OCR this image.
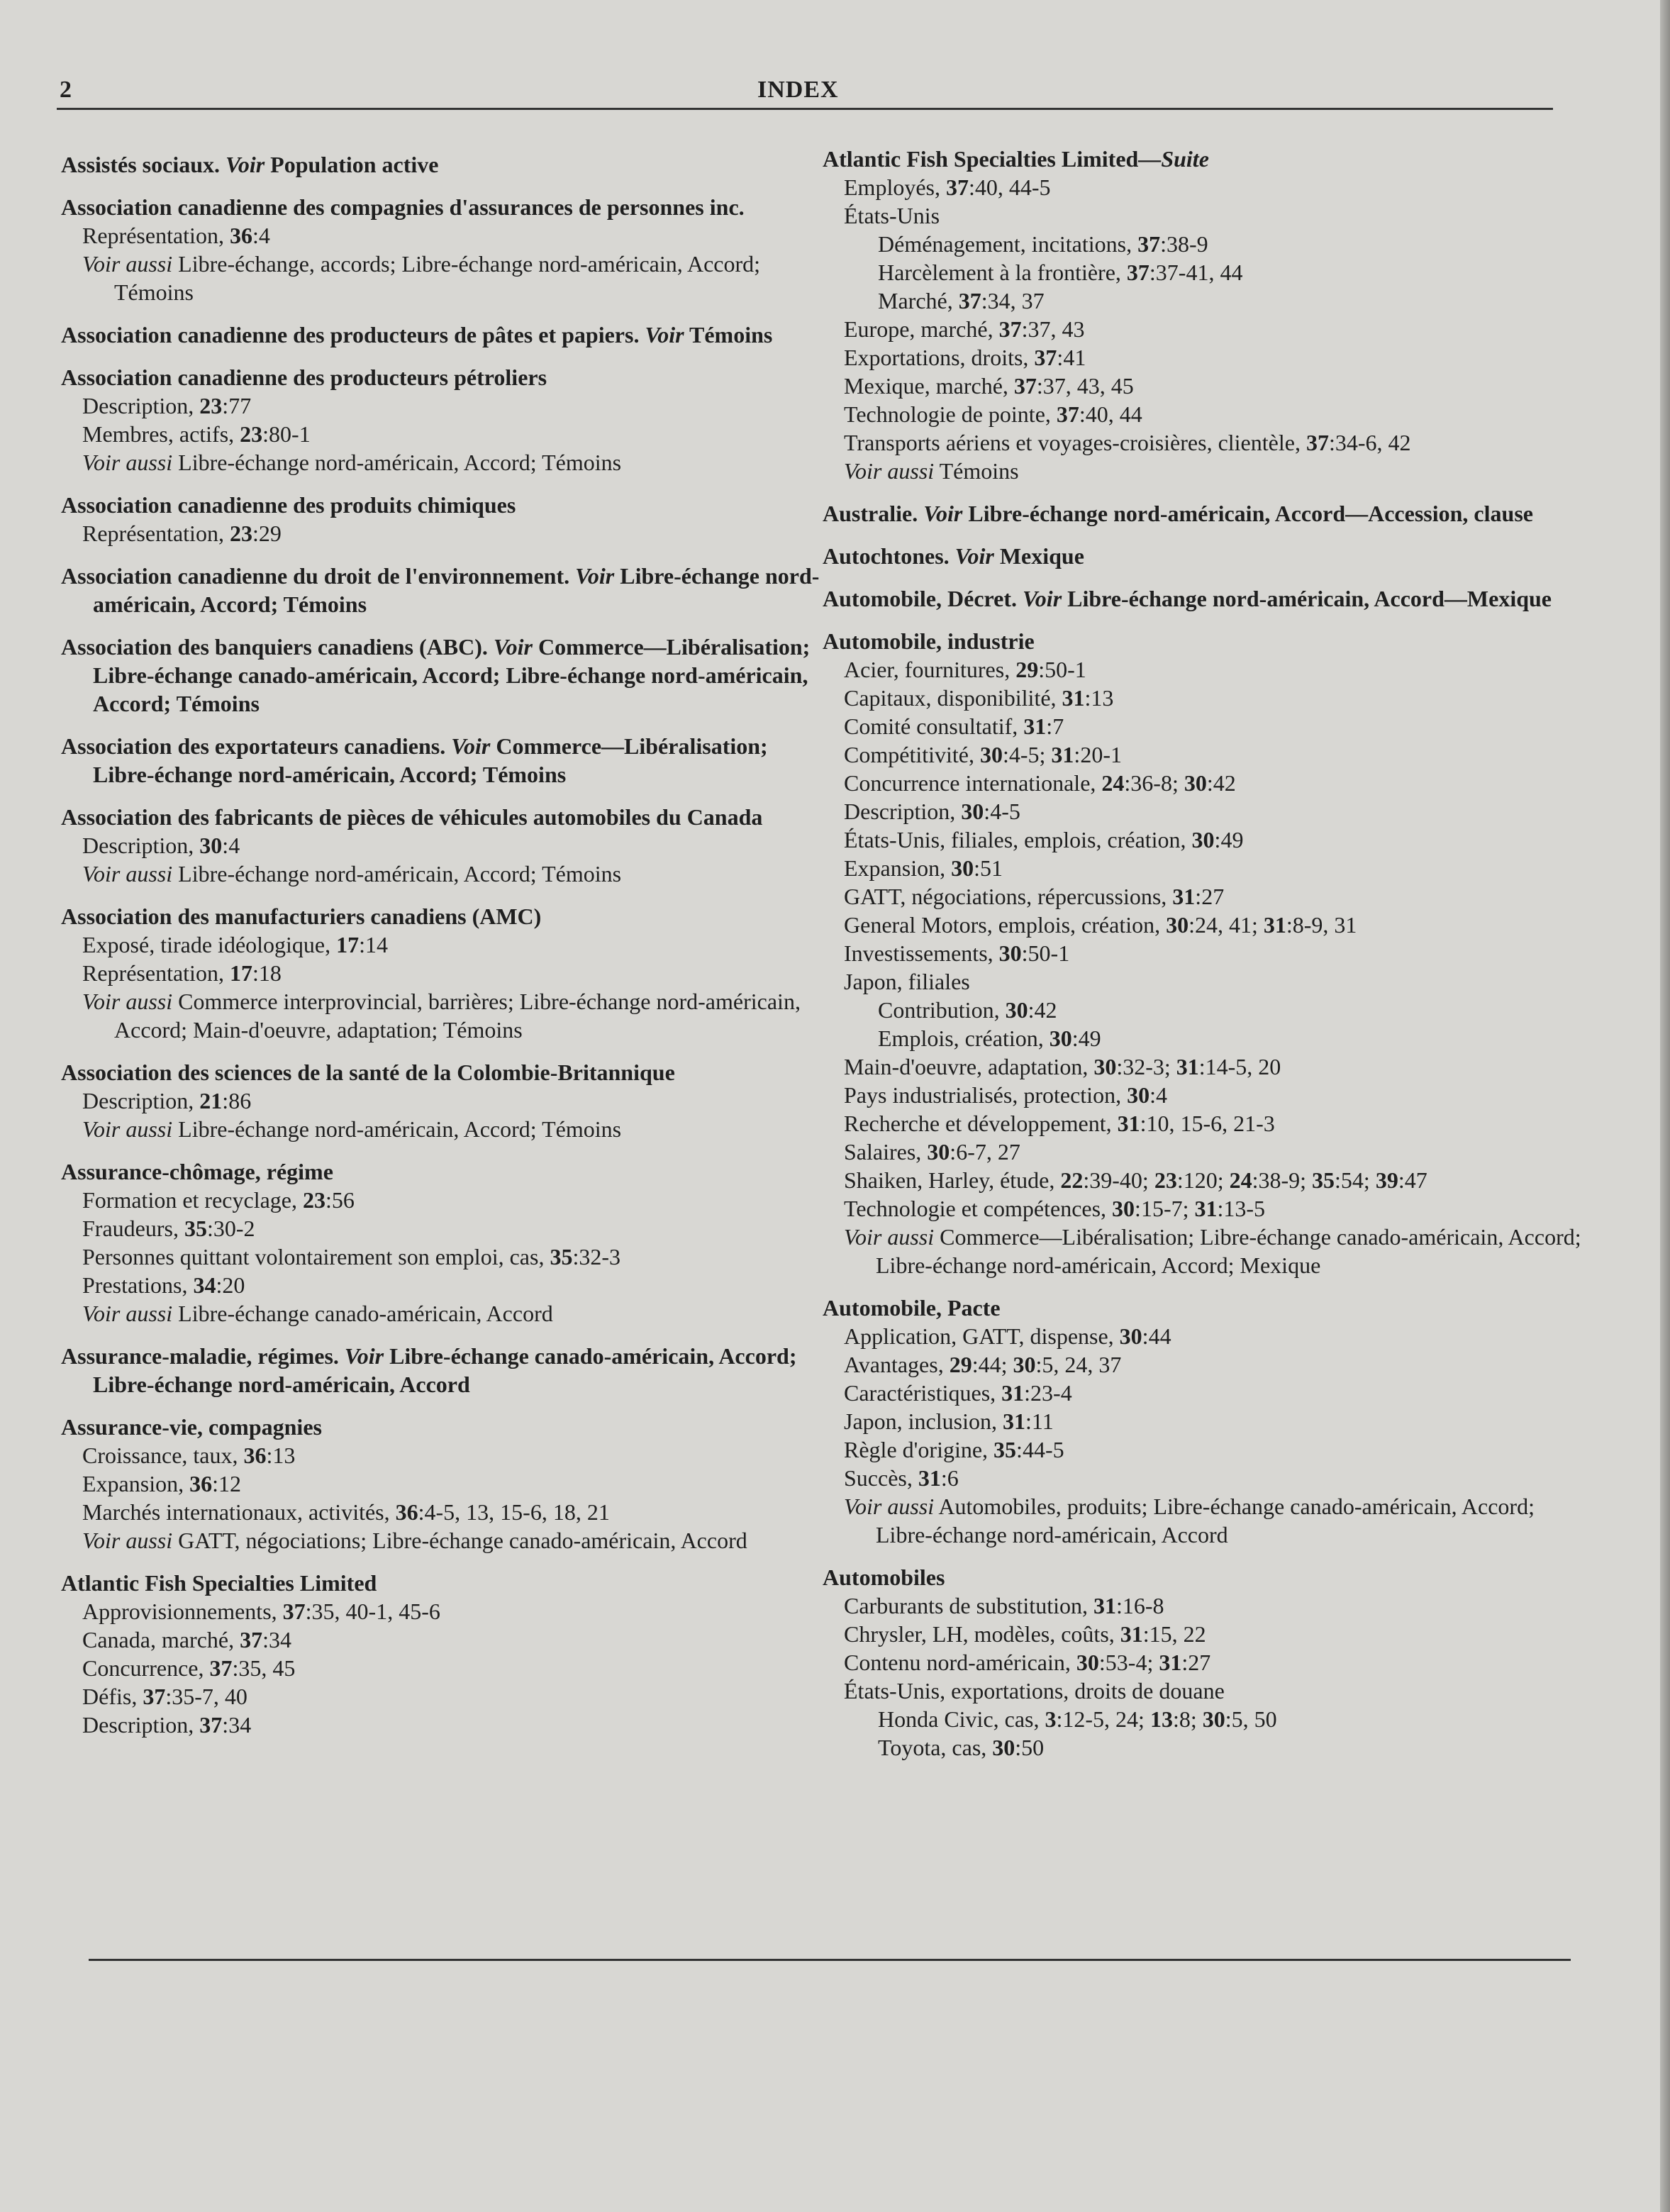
2	INDEX
Assistés sociaux. Voir Population active
Association canadienne des compagnies d'assurances de personnes inc.
Représentation, 36:4
Voir aussi Libre-échange, accords; Libre-échange nord-américain, Accord; Témoins
Association canadienne des producteurs de pâtes et papiers. Voir Témoins
Association canadienne des producteurs pétroliers
Description, 23:77
Membres, actifs, 23:80-1
Voir aussi Libre-échange nord-américain, Accord; Témoins
Association canadienne des produits chimiques
Représentation, 23:29
Association canadienne du droit de l'environnement. Voir Libre-échange nord-américain, Accord; Témoins
Association des banquiers canadiens (ABC). Voir Commerce—Libéralisation; Libre-échange canado-américain, Accord; Libre-échange nord-américain, Accord; Témoins
Association des exportateurs canadiens. Voir Commerce—Libéralisation; Libre-échange nord-américain, Accord; Témoins
Association des fabricants de pièces de véhicules automobiles du Canada
Description, 30:4
Voir aussi Libre-échange nord-américain, Accord; Témoins
Association des manufacturiers canadiens (AMC)
Exposé, tirade idéologique, 17:14
Représentation, 17:18
Voir aussi Commerce interprovincial, barrières; Libre-échange nord-américain, Accord; Main-d'oeuvre, adaptation; Témoins
Association des sciences de la santé de la Colombie-Britannique
Description, 21:86
Voir aussi Libre-échange nord-américain, Accord; Témoins
Assurance-chômage, régime
Formation et recyclage, 23:56
Fraudeurs, 35:30-2
Personnes quittant volontairement son emploi, cas, 35:32-3
Prestations, 34:20
Voir aussi Libre-échange canado-américain, Accord
Assurance-maladie, régimes. Voir Libre-échange canado-américain, Accord; Libre-échange nord-américain, Accord
Assurance-vie, compagnies
Croissance, taux, 36:13
Expansion, 36:12
Marchés internationaux, activités, 36:4-5, 13, 15-6, 18, 21
Voir aussi GATT, négociations; Libre-échange canado-américain, Accord
Atlantic Fish Specialties Limited
Approvisionnements, 37:35, 40-1, 45-6
Canada, marché, 37:34
Concurrence, 37:35, 45
Défis, 37:35-7, 40
Description, 37:34
Atlantic Fish Specialties Limited—Suite
Employés, 37:40, 44-5
États-Unis
Déménagement, incitations, 37:38-9
Harcèlement à la frontière, 37:37-41, 44
Marché, 37:34, 37
Europe, marché, 37:37, 43
Exportations, droits, 37:41
Mexique, marché, 37:37, 43, 45
Technologie de pointe, 37:40, 44
Transports aériens et voyages-croisières, clientèle, 37:34-6, 42
Voir aussi Témoins
Australie. Voir Libre-échange nord-américain, Accord—Accession, clause
Autochtones. Voir Mexique
Automobile, Décret. Voir Libre-échange nord-américain, Accord—Mexique
Automobile, industrie
Acier, fournitures, 29:50-1
Capitaux, disponibilité, 31:13
Comité consultatif, 31:7
Compétitivité, 30:4-5; 31:20-1
Concurrence internationale, 24:36-8; 30:42
Description, 30:4-5
États-Unis, filiales, emplois, création, 30:49
Expansion, 30:51
GATT, négociations, répercussions, 31:27
General Motors, emplois, création, 30:24, 41; 31:8-9, 31
Investissements, 30:50-1
Japon, filiales
Contribution, 30:42
Emplois, création, 30:49
Main-d'oeuvre, adaptation, 30:32-3; 31:14-5, 20
Pays industrialisés, protection, 30:4
Recherche et développement, 31:10, 15-6, 21-3
Salaires, 30:6-7, 27
Shaiken, Harley, étude, 22:39-40; 23:120; 24:38-9; 35:54; 39:47
Technologie et compétences, 30:15-7; 31:13-5
Voir aussi Commerce—Libéralisation; Libre-échange canado-américain, Accord; Libre-échange nord-américain, Accord; Mexique
Automobile, Pacte
Application, GATT, dispense, 30:44
Avantages, 29:44; 30:5, 24, 37
Caractéristiques, 31:23-4
Japon, inclusion, 31:11
Règle d'origine, 35:44-5
Succès, 31:6
Voir aussi Automobiles, produits; Libre-échange canado-américain, Accord; Libre-échange nord-américain, Accord
Automobiles
Carburants de substitution, 31:16-8
Chrysler, LH, modèles, coûts, 31:15, 22
Contenu nord-américain, 30:53-4; 31:27
États-Unis, exportations, droits de douane
Honda Civic, cas, 3:12-5, 24; 13:8; 30:5, 50
Toyota, cas, 30:50
